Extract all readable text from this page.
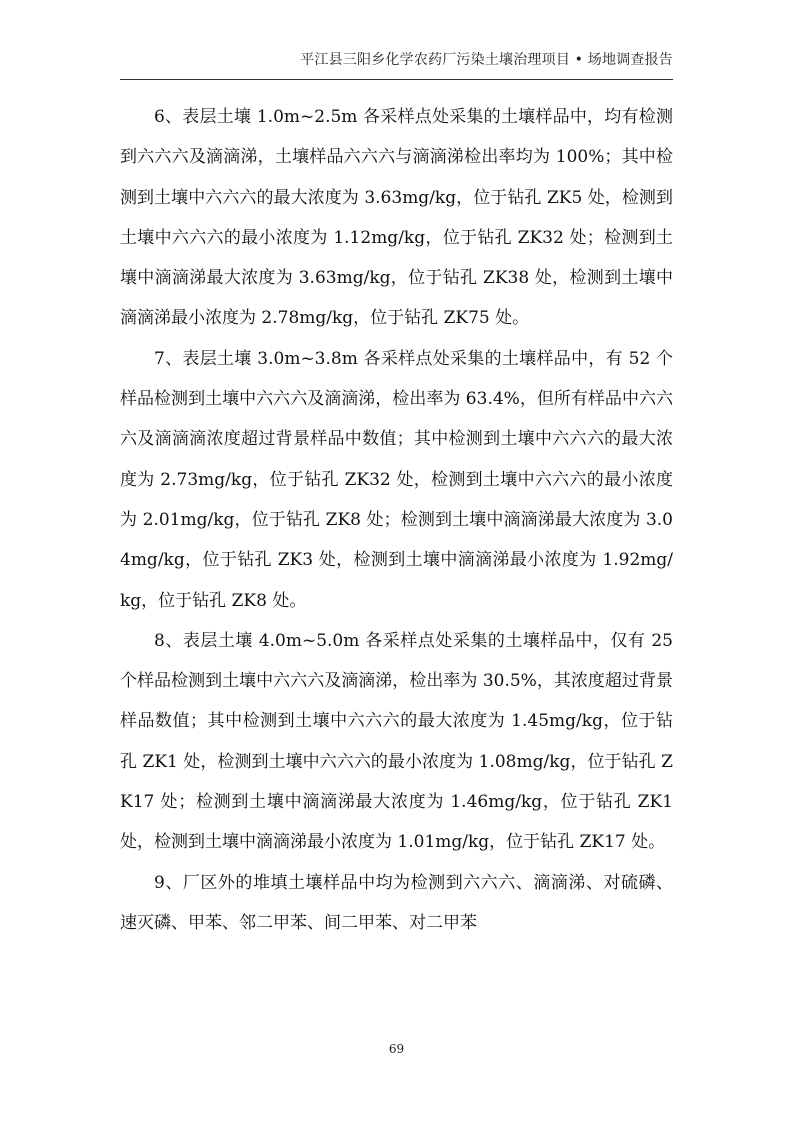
平江县三阳乡化学农药厂污染土壤治理项目 • 场地调查报告

6、表层土壤 1.0m~2.5m 各采样点处采集的土壤样品中，均有检测到六六六及滴滴涕，土壤样品六六六与滴滴涕检出率均为 100%；其中检测到土壤中六六六的最大浓度为 3.63mg/kg，位于钻孔 ZK5 处，检测到土壤中六六六的最小浓度为 1.12mg/kg，位于钻孔 ZK32 处；检测到土壤中滴滴涕最大浓度为 3.63mg/kg，位于钻孔 ZK38 处，检测到土壤中滴滴涕最小浓度为 2.78mg/kg，位于钻孔 ZK75 处。

7、表层土壤 3.0m~3.8m 各采样点处采集的土壤样品中，有 52 个样品检测到土壤中六六六及滴滴涕，检出率为 63.4%，但所有样品中六六六及滴滴滴浓度超过背景样品中数值；其中检测到土壤中六六六的最大浓度为 2.73mg/kg，位于钻孔 ZK32 处，检测到土壤中六六六的最小浓度为 2.01mg/kg，位于钻孔 ZK8 处；检测到土壤中滴滴涕最大浓度为 3.04mg/kg，位于钻孔 ZK3 处，检测到土壤中滴滴涕最小浓度为 1.92mg/kg，位于钻孔 ZK8 处。

8、表层土壤 4.0m~5.0m 各采样点处采集的土壤样品中，仅有 25 个样品检测到土壤中六六六及滴滴涕，检出率为 30.5%，其浓度超过背景样品数值；其中检测到土壤中六六六的最大浓度为 1.45mg/kg，位于钻孔 ZK1 处，检测到土壤中六六六的最小浓度为 1.08mg/kg，位于钻孔 ZK17 处；检测到土壤中滴滴涕最大浓度为 1.46mg/kg，位于钻孔 ZK1 处，检测到土壤中滴滴涕最小浓度为 1.01mg/kg，位于钻孔 ZK17 处。

9、厂区外的堆填土壤样品中均为检测到六六六、滴滴涕、对硫磷、速灭磷、甲苯、邻二甲苯、间二甲苯、对二甲苯

69
